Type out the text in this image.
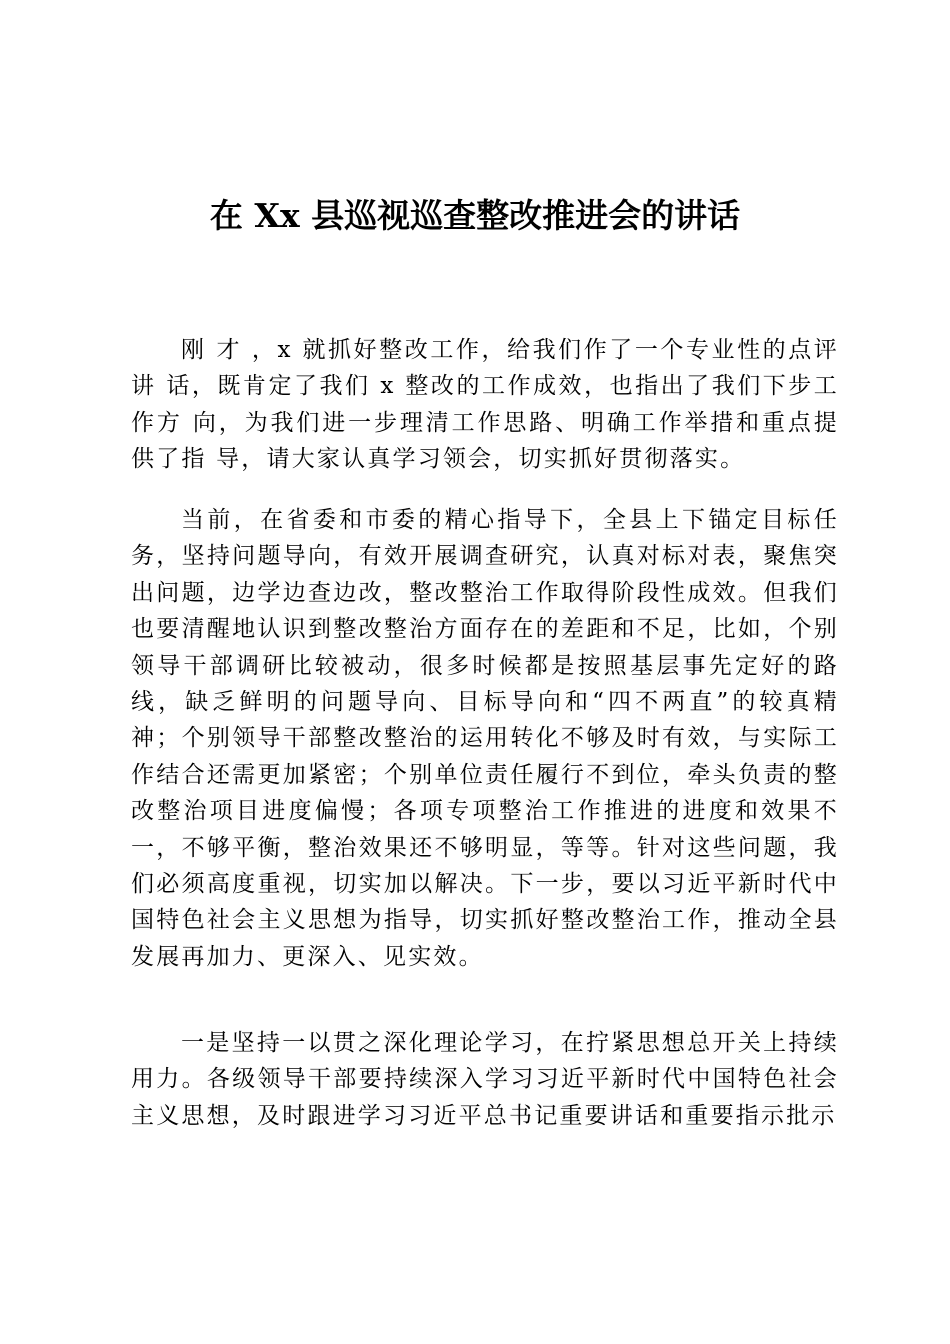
在 Xx 县巡视巡查整改推进会的讲话

刚 才 ，x 就抓好整改工作，给我们作了一个专业性的点评讲 话，既肯定了我们 x 整改的工作成效，也指出了我们下步工作方 向，为我们进一步理清工作思路、明确工作举措和重点提供了指 导，请大家认真学习领会，切实抓好贯彻落实。

当前，在省委和市委的精心指导下，全县上下锚定目标任务，坚持问题导向，有效开展调查研究，认真对标对表，聚焦突出问题，边学边查边改，整改整治工作取得阶段性成效。但我们也要清醒地认识到整改整治方面存在的差距和不足，比如，个别领导干部调研比较被动，很多时候都是按照基层事先定好的路线，缺乏鲜明的问题导向、目标导向和“四不两直”的较真精神；个别领导干部整改整治的运用转化不够及时有效，与实际工作结合还需更加紧密；个别单位责任履行不到位，牵头负责的整改整治项目进度偏慢；各项专项整治工作推进的进度和效果不一，不够平衡，整治效果还不够明显，等等。针对这些问题，我们必须高度重视，切实加以解决。下一步，要以习近平新时代中国特色社会主义思想为指导，切实抓好整改整治工作，推动全县发展再加力、更深入、见实效。

一是坚持一以贯之深化理论学习，在拧紧思想总开关上持续用力。各级领导干部要持续深入学习习近平新时代中国特色社会主义思想，及时跟进学习习近平总书记重要讲话和重要指示批示
